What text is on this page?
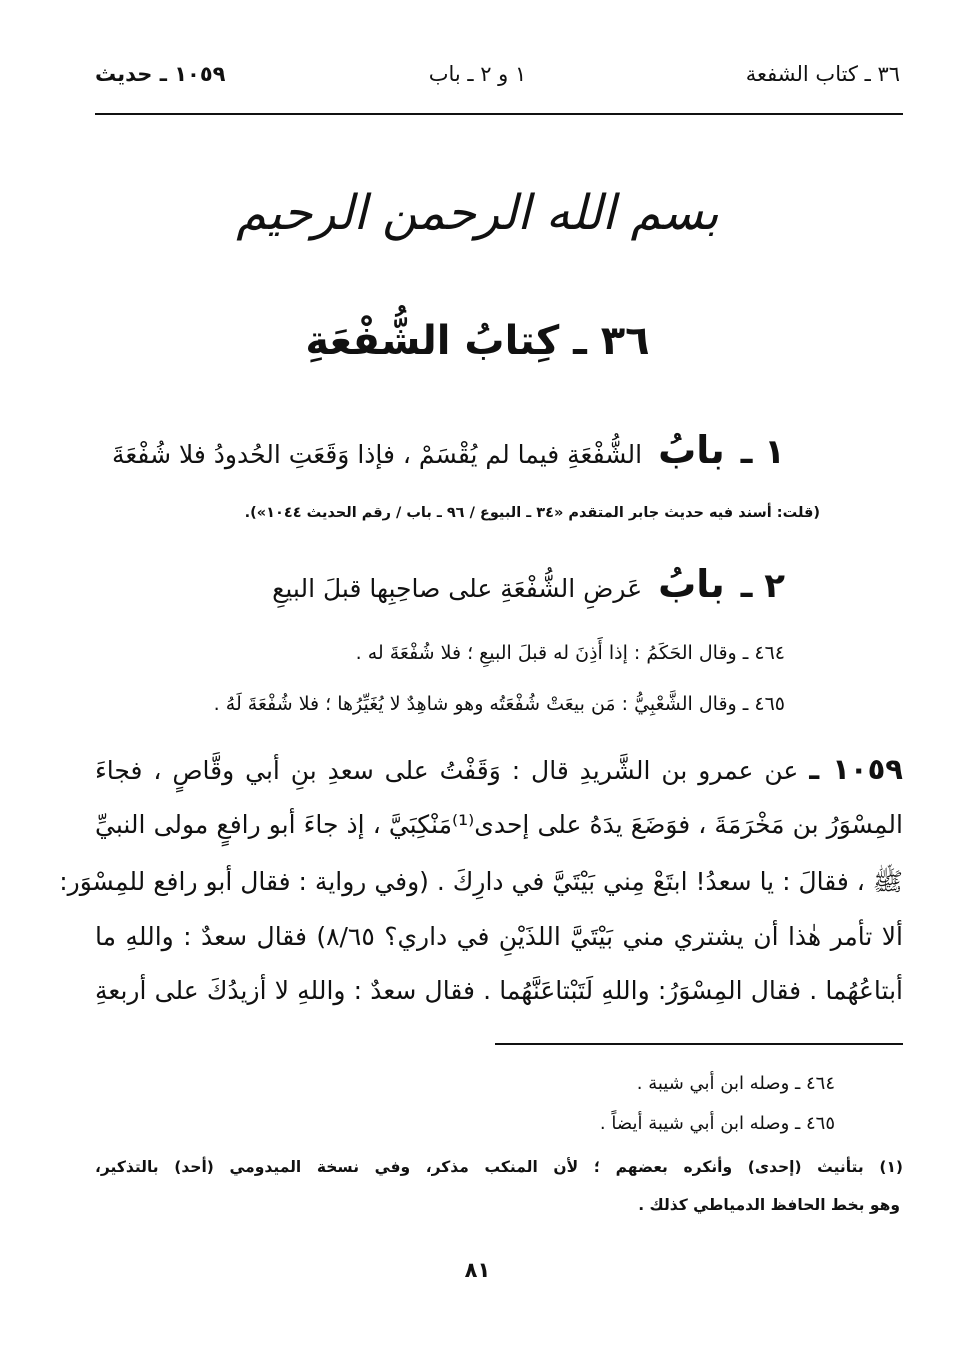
٣٦ ـ كتاب الشفعة
١ و ٢ ـ باب
١٠٥٩ ـ حديث
بسم الله الرحمن الرحيم
٣٦ ـ كِتابُ الشُّفْعَةِ
١ ـ بابُ الشُّفْعَةِ فيما لم يُقْسَمْ ، فإذا وَقَعَتِ الحُدودُ فلا شُفْعَةَ
(قلت: أسند فيه حديث جابر المتقدم «٣٤ ـ البيوع / ٩٦ ـ باب / رقم الحديث ١٠٤٤»).
٢ ـ بابُ عَرضِ الشُّفْعَةِ على صاحِبِها قبلَ البيعِ
٤٦٤ ـ وقال الحَكَمُ : إذا أَذِنَ له قبلَ البيعِ ؛ فلا شُفْعَةَ له .
٤٦٥ ـ وقال الشَّعْبِيُّ : مَن بيعَتْ شُفْعَتُه وهو شاهِدٌ لا يُغَيِّرُها ؛ فلا شُفْعَةَ لَهُ .
١٠٥٩ ـ عن عمرو بن الشَّريدِ قال : وَقَفْتُ على سعدِ بنِ أبي وقَّاصٍ ، فجاءَ
المِسْوَرُ بن مَخْرَمَةَ ، فوَضَعَ يدَهُ على إحدى⁽¹⁾مَنْكِبَيَّ ، إذ جاءَ أبو رافعٍ مولى النبيِّ
ﷺ ، فقالَ : يا سعدُ! ابتَعْ مِني بَيْتَيَّ في دارِكَ . (وفي رواية : فقال أبو رافع للمِسْوَر:
ألا تأمر هٰذا أن يشتري مني بَيْتَيَّ اللذَيْنِ في داري؟ ٨/٦٥) فقال سعدٌ : واللهِ ما
أبتاعُهُما . فقال المِسْوَرُ: واللهِ لَتَبْتاعَنَّهُما . فقال سعدٌ : واللهِ لا أزيدُكَ على أربعةِ
٤٦٤ ـ وصله ابن أبي شيبة .
٤٦٥ ـ وصله ابن أبي شيبة أيضاً .
(١) بتأنيث (إحدى) وأنكره بعضهم ؛ لأن المنكب مذكر، وفي نسخة الميدومي (أحد) بالتذكير،
وهو بخط الحافظ الدمياطي كذلك .
٨١
